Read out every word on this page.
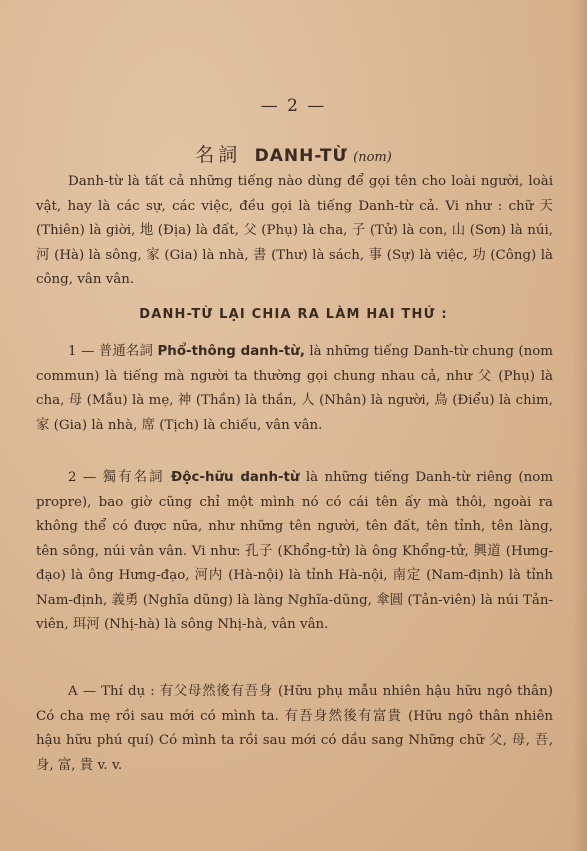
— 2 —
名詞 DANH-TỪ (nom)

Danh-từ là tất cả những tiếng nào dùng để gọi tên cho loài người, loài vật, hay là các sự, các việc, đều gọi là tiếng Danh-từ cả. Vi như : chữ 天 (Thiên) là giời, 地 (Địa) là đất, 父 (Phụ) là cha, 子 (Tử) là con, 山 (Sơn) là núi, 河 (Hà) là sông, 家 (Gia) là nhà, 書 (Thư) là sách, 事 (Sự) là việc, 功 (Công) là công, vân vân.

DANH-TỪ LẠI CHIA RA LÀM HAI THỨ :

1 — 普通名詞 Phổ-thông danh-từ, là những tiếng Danh-từ chung (nom commun) là tiếng mà người ta thường gọi chung nhau cả, như 父 (Phụ) là cha, 母 (Mẫu) là mẹ, 神 (Thần) là thần, 人 (Nhân) là người, 鳥 (Điểu) là chim, 家 (Gia) là nhà, 席 (Tịch) là chiếu, vân vân.

2 — 獨有名詞 Độc-hữu danh-từ là những tiếng Danh-từ riêng (nom propre), bao giờ cũng chỉ một mình nó có cái tên ấy mà thôi, ngoài ra không thể có được nữa, như những tên người, tên đất, tên tỉnh, tên làng, tên sông, núi vân vân. Vi như: 孔子 (Khổng-tử) là ông Khổng-tử, 興道 (Hưng-đạo) là ông Hưng-đạo, 河内 (Hà-nội) là tỉnh Hà-nội, 南定 (Nam-định) là tỉnh Nam-định, 義勇 (Nghĩa dũng) là làng Nghĩa-dũng, 傘圓 (Tản-viên) là núi Tản-viên, 珥河 (Nhị-hà) là sông Nhị-hà, vân vân.

A — Thí dụ : 有父母然後有吾身 (Hữu phụ mẫu nhiên hậu hữu ngô thân) Có cha mẹ rồi sau mới có mình ta. 有吾身然後有富貴 (Hữu ngô thân nhiên hậu hữu phú quí) Có mình ta rồi sau mới có dầu sang Những chữ 父, 母, 吾, 身, 富, 貴 v. v.
